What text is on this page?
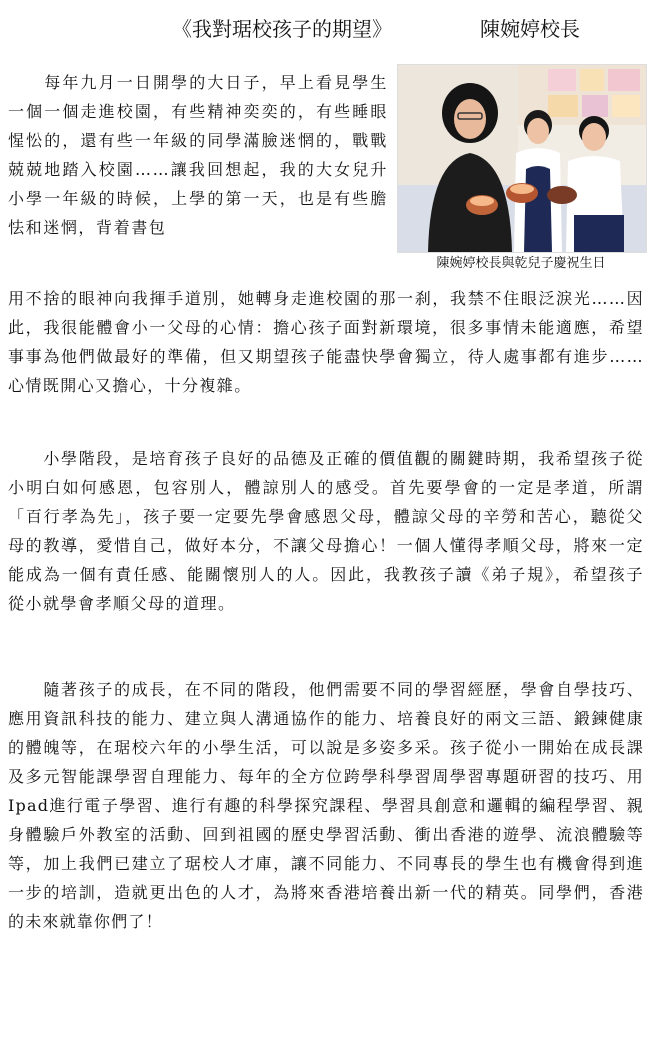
《我對琚校孩子的期望》	陳婉婷校長
陳婉婷校長與乾兒子慶祝生日
　　每年九月一日開學的大日子，早上看見學生一個一個走進校園，有些精神奕奕的，有些睡眼惺忪的，還有些一年級的同學滿臉迷惘的，戰戰兢兢地踏入校園……讓我回想起，我的大女兒升小學一年級的時候，上學的第一天，也是有些膽怯和迷惘，背着書包
用不捨的眼神向我揮手道別，她轉身走進校園的那一刹，我禁不住眼泛淚光……因此，我很能體會小一父母的心情：擔心孩子面對新環境，很多事情未能適應，希望事事為他們做最好的準備，但又期望孩子能盡快學會獨立，待人處事都有進步……心情既開心又擔心，十分複雜。
　　小學階段，是培育孩子良好的品德及正確的價值觀的關鍵時期，我希望孩子從小明白如何感恩，包容別人，體諒別人的感受。首先要學會的一定是孝道，所謂「百行孝為先」，孩子要一定要先學會感恩父母，體諒父母的辛勞和苦心，聽從父母的教導，愛惜自己，做好本分，不讓父母擔心！一個人懂得孝順父母，將來一定能成為一個有責任感、能關懷別人的人。因此，我教孩子讀《弟子規》，希望孩子從小就學會孝順父母的道理。
　　隨著孩子的成長，在不同的階段，他們需要不同的學習經歷，學會自學技巧、應用資訊科技的能力、建立與人溝通協作的能力、培養良好的兩文三語、鍛鍊健康的體魄等，在琚校六年的小學生活，可以說是多姿多采。孩子從小一開始在成長課及多元智能課學習自理能力、每年的全方位跨學科學習周學習專題研習的技巧、用Ipad進行電子學習、進行有趣的科學探究課程、學習具創意和邏輯的編程學習、親身體驗戶外教室的活動、回到祖國的歷史學習活動、衝出香港的遊學、流浪體驗等等，加上我們已建立了琚校人才庫，讓不同能力、不同專長的學生也有機會得到進一步的培訓，造就更出色的人才，為將來香港培養出新一代的精英。同學們，香港的未來就靠你們了！
